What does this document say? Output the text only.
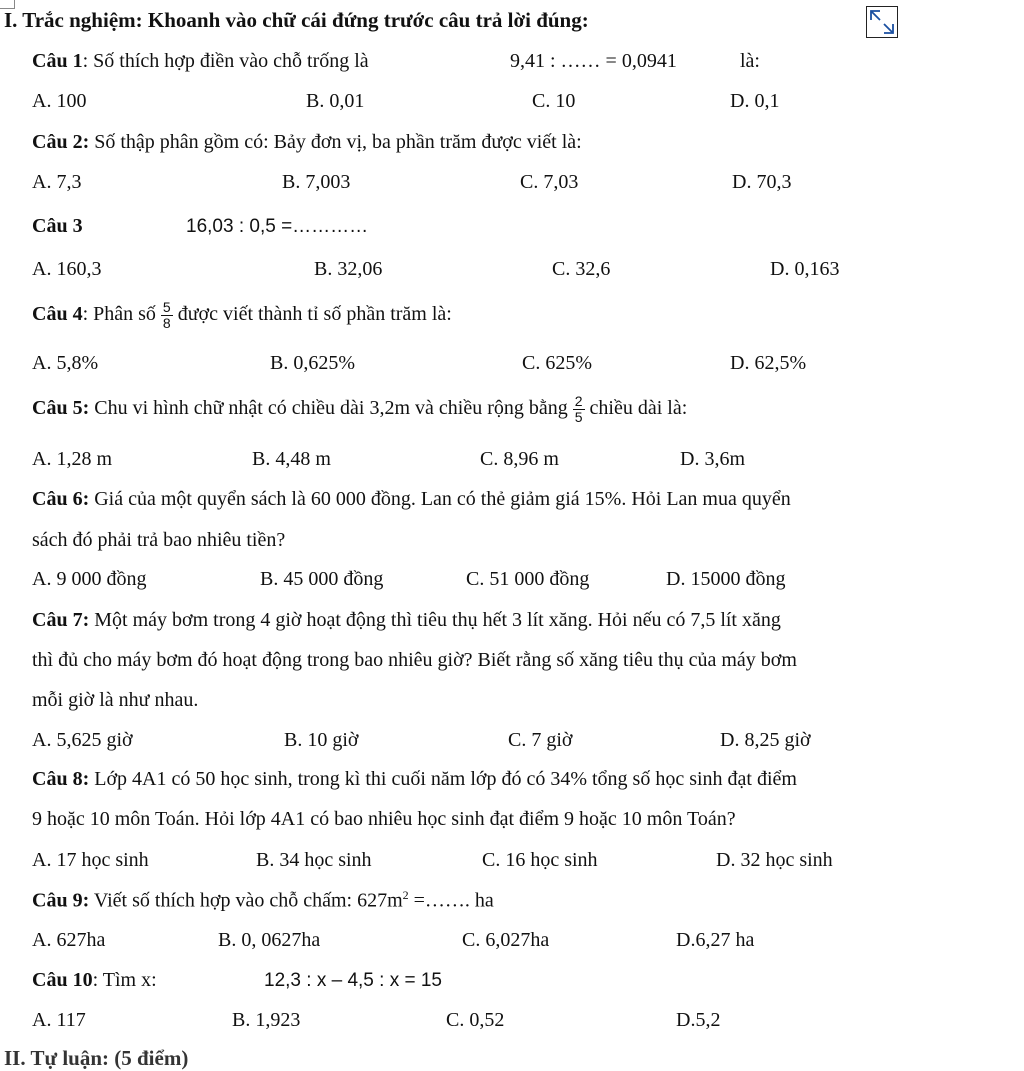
I. Trắc nghiệm: Khoanh vào chữ cái đứng trước câu trả lời đúng:
Câu 1: Số thích hợp điền vào chỗ trống là	9,41 : …… = 0,0941	là:
A. 100	B. 0,01	C. 10	D. 0,1
Câu 2: Số thập phân gồm có: Bảy đơn vị, ba phần trăm được viết là:
A. 7,3	B. 7,003	C. 7,03	D. 70,3
Câu 3	16,03 : 0,5 =…………
A. 160,3	B. 32,06	C. 32,6	D. 0,163
Câu 4: Phân số $\frac{5}{8}$ được viết thành tỉ số phần trăm là:
A. 5,8%	B. 0,625%	C. 625%	D. 62,5%
Câu 5: Chu vi hình chữ nhật có chiều dài 3,2m và chiều rộng bằng $\frac{2}{5}$ chiều dài là:
A. 1,28 m	B. 4,48 m	C. 8,96 m	D. 3,6m
Câu 6: Giá của một quyển sách là 60 000 đồng. Lan có thẻ giảm giá 15%. Hỏi Lan mua quyển
sách đó phải trả bao nhiêu tiền?
A. 9 000 đồng	B. 45 000 đồng	C. 51 000 đồng	D. 15000 đồng
Câu 7: Một máy bơm trong 4 giờ hoạt động thì tiêu thụ hết 3 lít xăng. Hỏi nếu có 7,5 lít xăng
thì đủ cho máy bơm đó hoạt động trong bao nhiêu giờ? Biết rằng số xăng tiêu thụ của máy bơm
mỗi giờ là như nhau.
A. 5,625 giờ	B. 10 giờ	C. 7 giờ	D. 8,25 giờ
Câu 8: Lớp 4A1 có 50 học sinh, trong kì thi cuối năm lớp đó có 34% tổng số học sinh đạt điểm
9 hoặc 10 môn Toán. Hỏi lớp 4A1 có bao nhiêu học sinh đạt điểm 9 hoặc 10 môn Toán?
A. 17 học sinh	B. 34 học sinh	C. 16 học sinh	D. 32 học sinh
Câu 9: Viết số thích hợp vào chỗ chấm: $627m^2$ =……. ha
A. 627ha	B. 0, 0627ha	C. 6,027ha	D.6,27 ha
Câu 10: Tìm x:	12,3 : x – 4,5 : x = 15
A. 117	B. 1,923	C. 0,52	D.5,2
II. Tự luận: (5 điểm)
